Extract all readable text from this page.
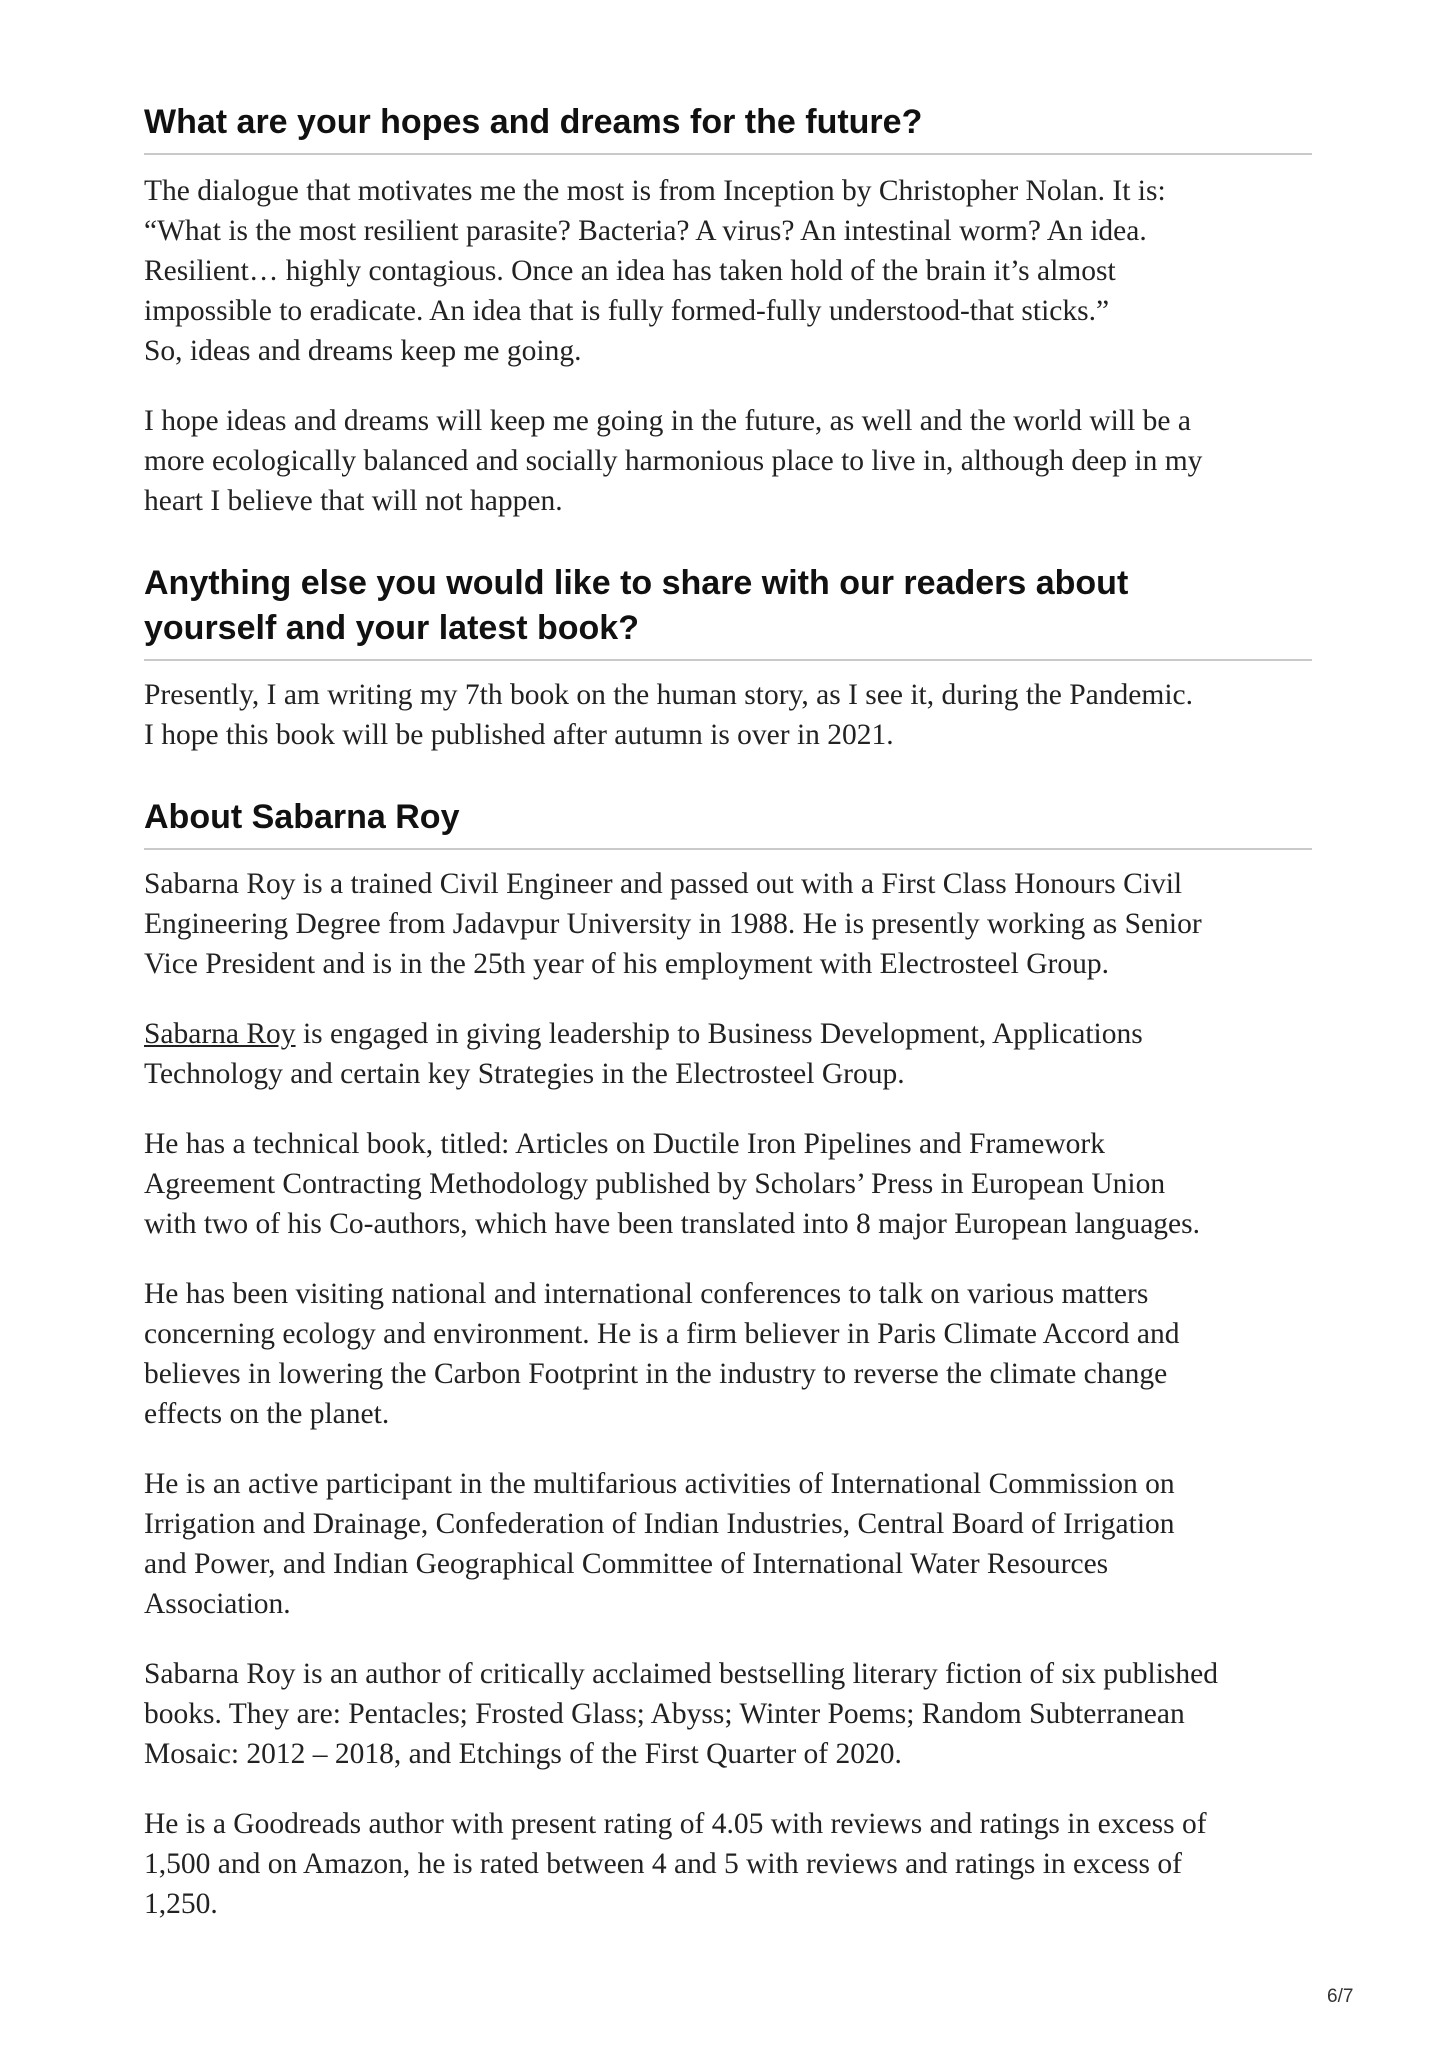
What are your hopes and dreams for the future?

The dialogue that motivates me the most is from Inception by Christopher Nolan. It is:
“What is the most resilient parasite? Bacteria? A virus? An intestinal worm? An idea.
Resilient… highly contagious. Once an idea has taken hold of the brain it’s almost
impossible to eradicate. An idea that is fully formed-fully understood-that sticks.”
So, ideas and dreams keep me going.

I hope ideas and dreams will keep me going in the future, as well and the world will be a
more ecologically balanced and socially harmonious place to live in, although deep in my
heart I believe that will not happen.

Anything else you would like to share with our readers about
yourself and your latest book?

Presently, I am writing my 7th book on the human story, as I see it, during the Pandemic.
I hope this book will be published after autumn is over in 2021.

About Sabarna Roy

Sabarna Roy is a trained Civil Engineer and passed out with a First Class Honours Civil
Engineering Degree from Jadavpur University in 1988. He is presently working as Senior
Vice President and is in the 25th year of his employment with Electrosteel Group.

Sabarna Roy is engaged in giving leadership to Business Development, Applications
Technology and certain key Strategies in the Electrosteel Group.

He has a technical book, titled: Articles on Ductile Iron Pipelines and Framework
Agreement Contracting Methodology published by Scholars’ Press in European Union
with two of his Co-authors, which have been translated into 8 major European languages.

He has been visiting national and international conferences to talk on various matters
concerning ecology and environment. He is a firm believer in Paris Climate Accord and
believes in lowering the Carbon Footprint in the industry to reverse the climate change
effects on the planet.

He is an active participant in the multifarious activities of International Commission on
Irrigation and Drainage, Confederation of Indian Industries, Central Board of Irrigation
and Power, and Indian Geographical Committee of International Water Resources
Association.

Sabarna Roy is an author of critically acclaimed bestselling literary fiction of six published
books. They are: Pentacles; Frosted Glass; Abyss; Winter Poems; Random Subterranean
Mosaic: 2012 – 2018, and Etchings of the First Quarter of 2020.

He is a Goodreads author with present rating of 4.05 with reviews and ratings in excess of
1,500 and on Amazon, he is rated between 4 and 5 with reviews and ratings in excess of
1,250.

6/7
